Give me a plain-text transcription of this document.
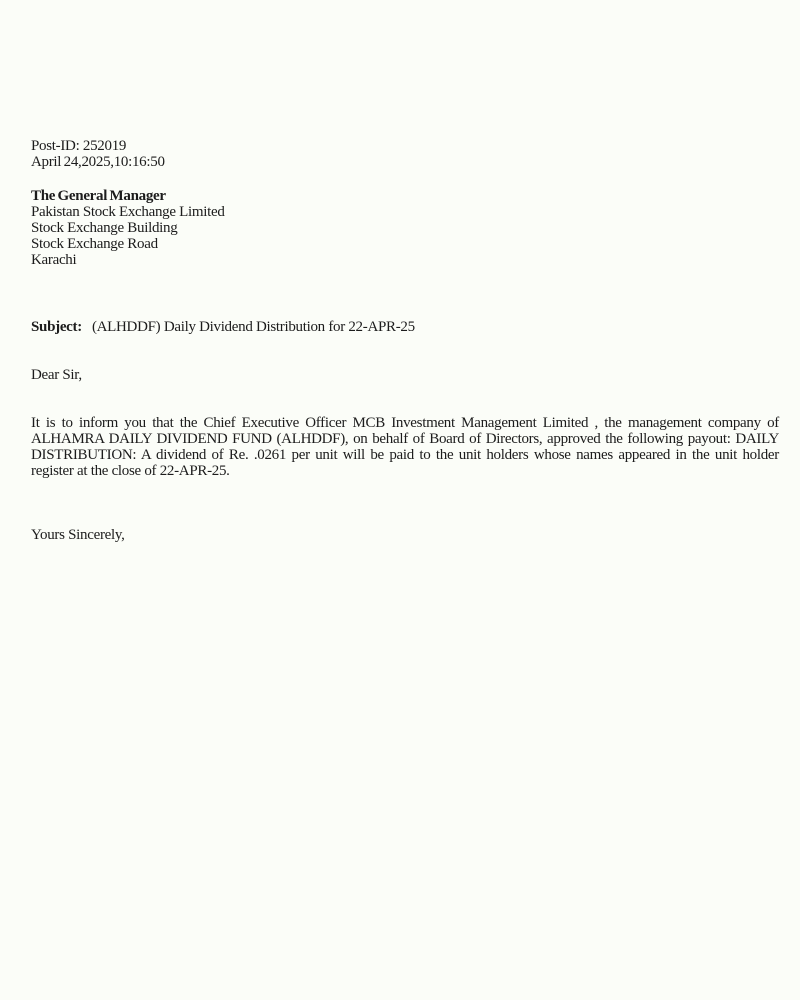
Post-ID: 252019
April 24,2025,10:16:50
The General Manager
Pakistan Stock Exchange Limited
Stock Exchange Building
Stock Exchange Road
Karachi
Subject: (ALHDDF) Daily Dividend Distribution for 22-APR-25
Dear Sir,
It is to inform you that the Chief Executive Officer MCB Investment Management Limited , the management company of ALHAMRA DAILY DIVIDEND FUND (ALHDDF), on behalf of Board of Directors, approved the following payout: DAILY DISTRIBUTION: A dividend of Re. .0261 per unit will be paid to the unit holders whose names appeared in the unit holder register at the close of 22-APR-25.
Yours Sincerely,
